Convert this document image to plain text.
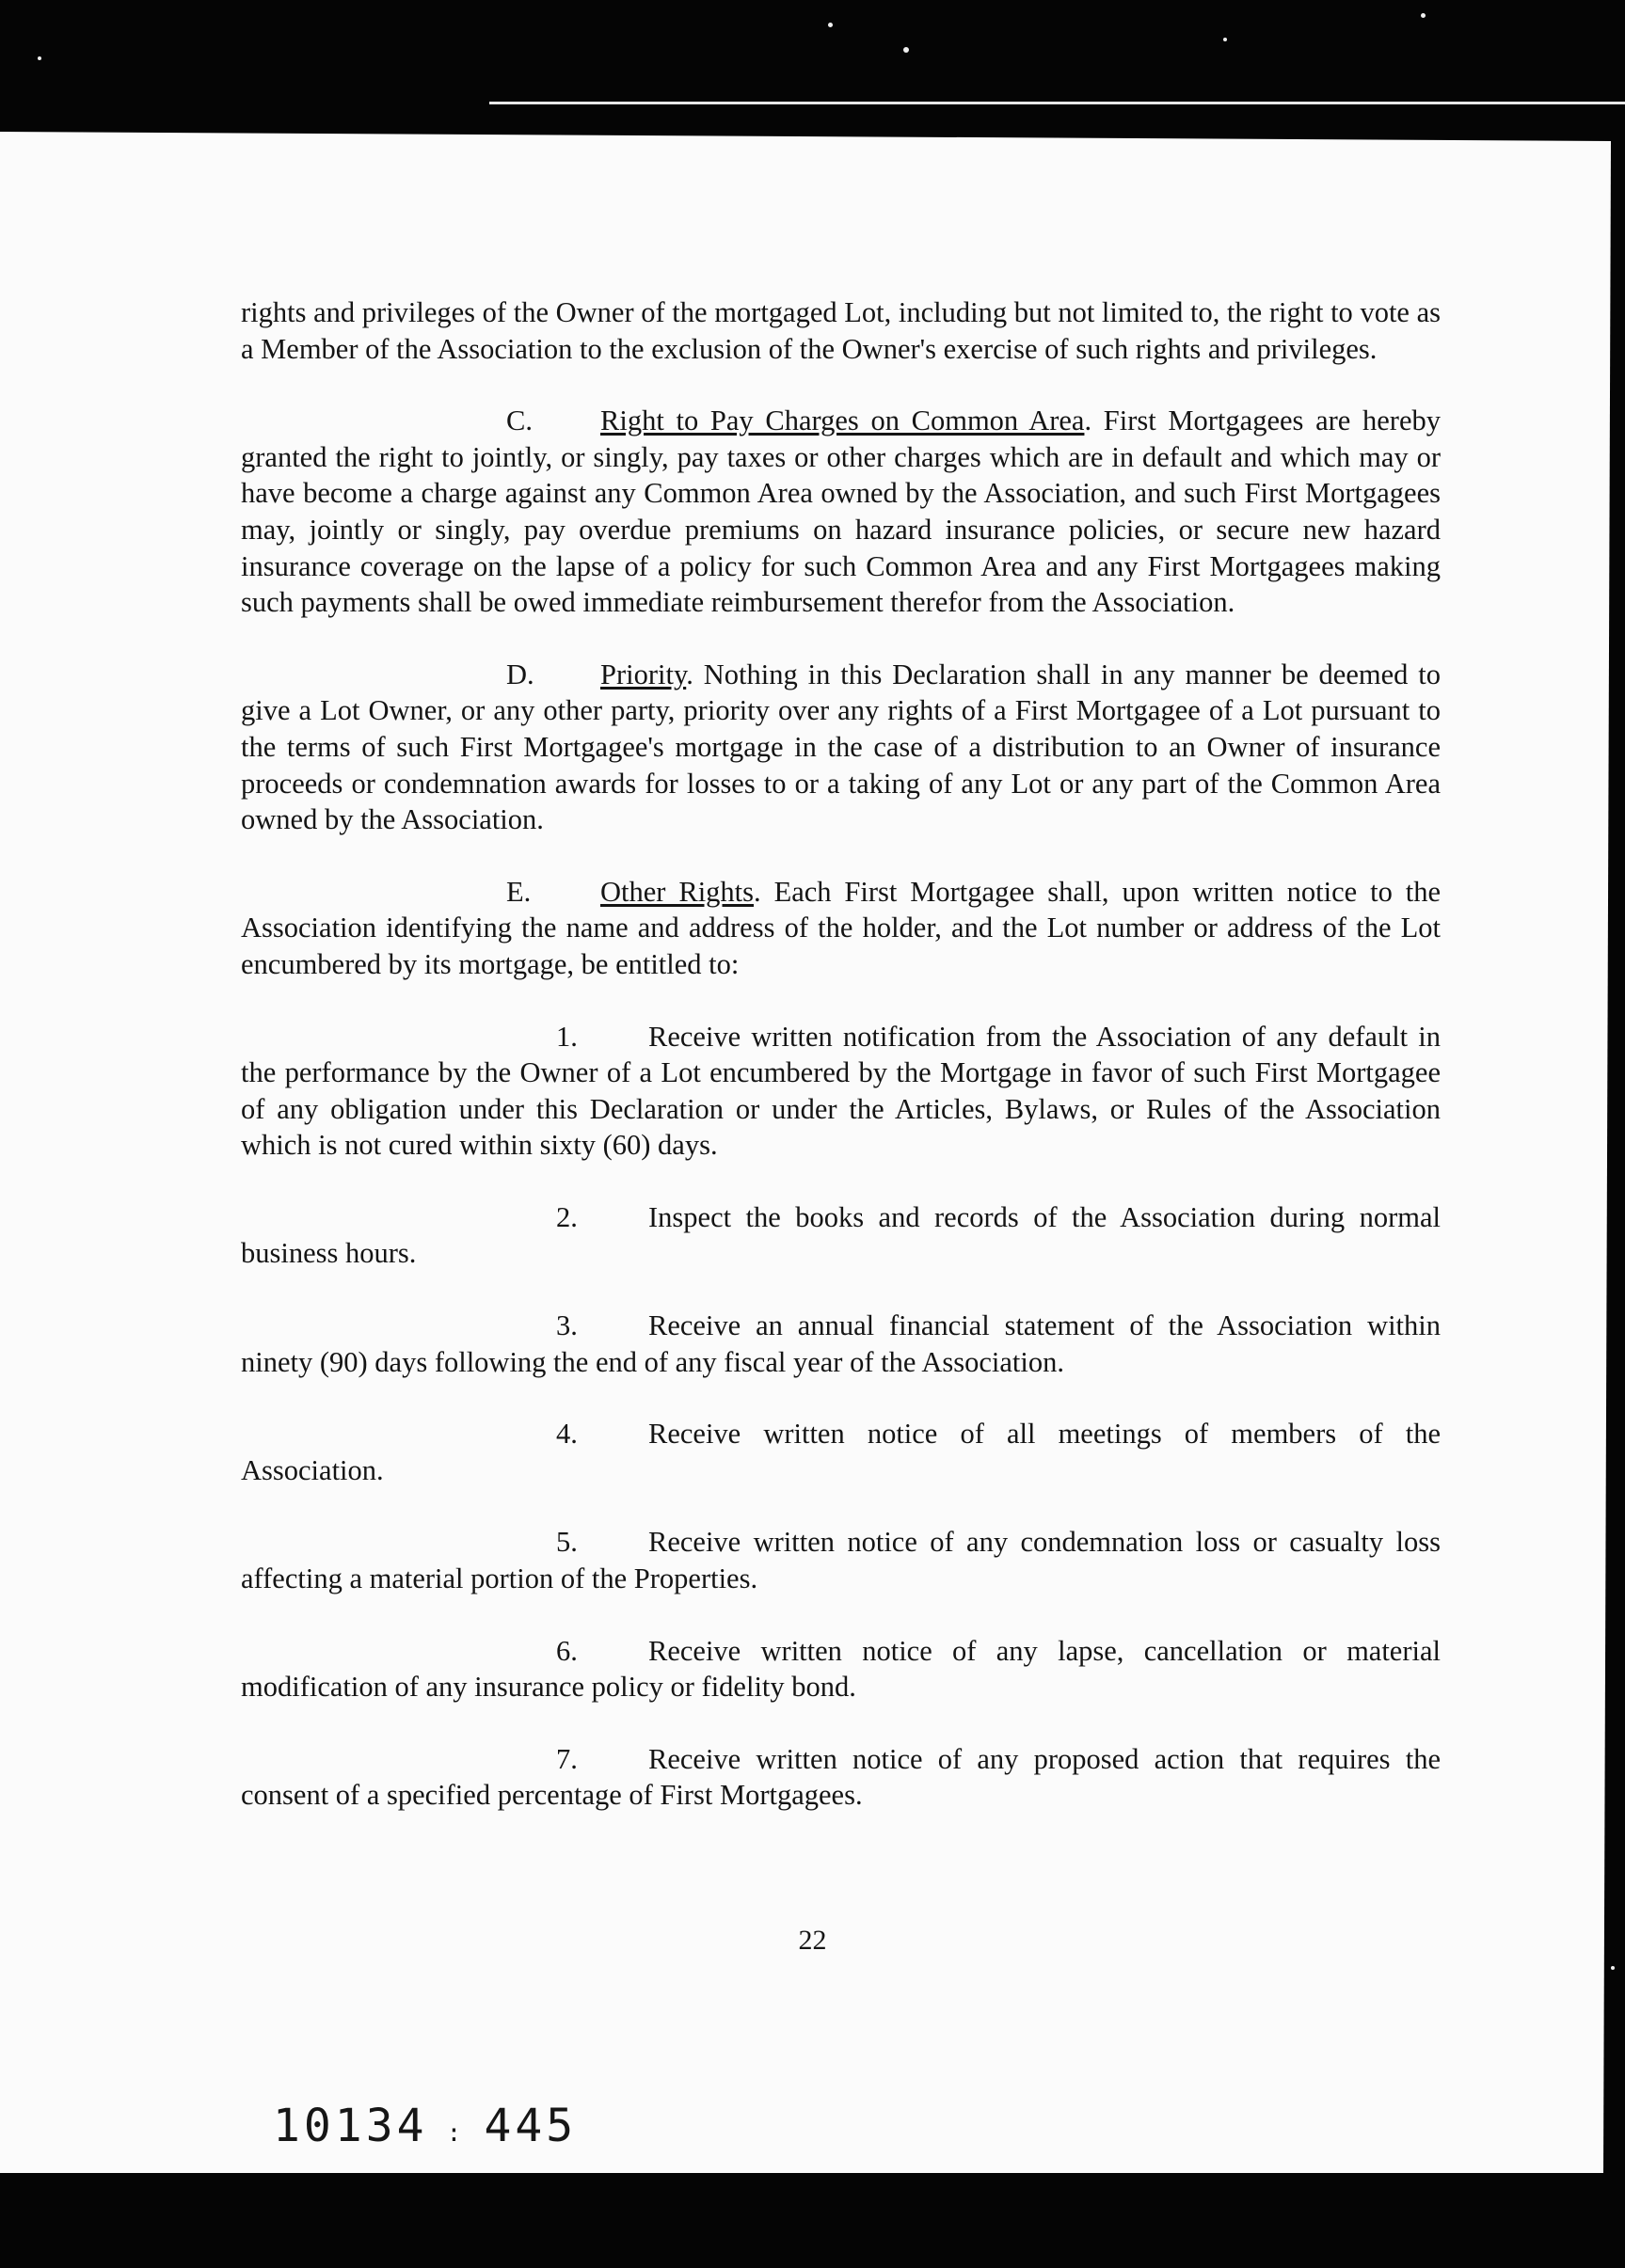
rights and privileges of the Owner of the mortgaged Lot, including but not limited to, the right to vote as a Member of the Association to the exclusion of the Owner's exercise of such rights and privileges.

C. Right to Pay Charges on Common Area. First Mortgagees are hereby granted the right to jointly, or singly, pay taxes or other charges which are in default and which may or have become a charge against any Common Area owned by the Association, and such First Mortgagees may, jointly or singly, pay overdue premiums on hazard insurance policies, or secure new hazard insurance coverage on the lapse of a policy for such Common Area and any First Mortgagees making such payments shall be owed immediate reimbursement therefor from the Association.

D. Priority. Nothing in this Declaration shall in any manner be deemed to give a Lot Owner, or any other party, priority over any rights of a First Mortgagee of a Lot pursuant to the terms of such First Mortgagee's mortgage in the case of a distribution to an Owner of insurance proceeds or condemnation awards for losses to or a taking of any Lot or any part of the Common Area owned by the Association.

E. Other Rights. Each First Mortgagee shall, upon written notice to the Association identifying the name and address of the holder, and the Lot number or address of the Lot encumbered by its mortgage, be entitled to:

1. Receive written notification from the Association of any default in the performance by the Owner of a Lot encumbered by the Mortgage in favor of such First Mortgagee of any obligation under this Declaration or under the Articles, Bylaws, or Rules of the Association which is not cured within sixty (60) days.

2. Inspect the books and records of the Association during normal business hours.

3. Receive an annual financial statement of the Association within ninety (90) days following the end of any fiscal year of the Association.

4. Receive written notice of all meetings of members of the Association.

5. Receive written notice of any condemnation loss or casualty loss affecting a material portion of the Properties.

6. Receive written notice of any lapse, cancellation or material modification of any insurance policy or fidelity bond.

7. Receive written notice of any proposed action that requires the consent of a specified percentage of First Mortgagees.

22
10134 : 445
